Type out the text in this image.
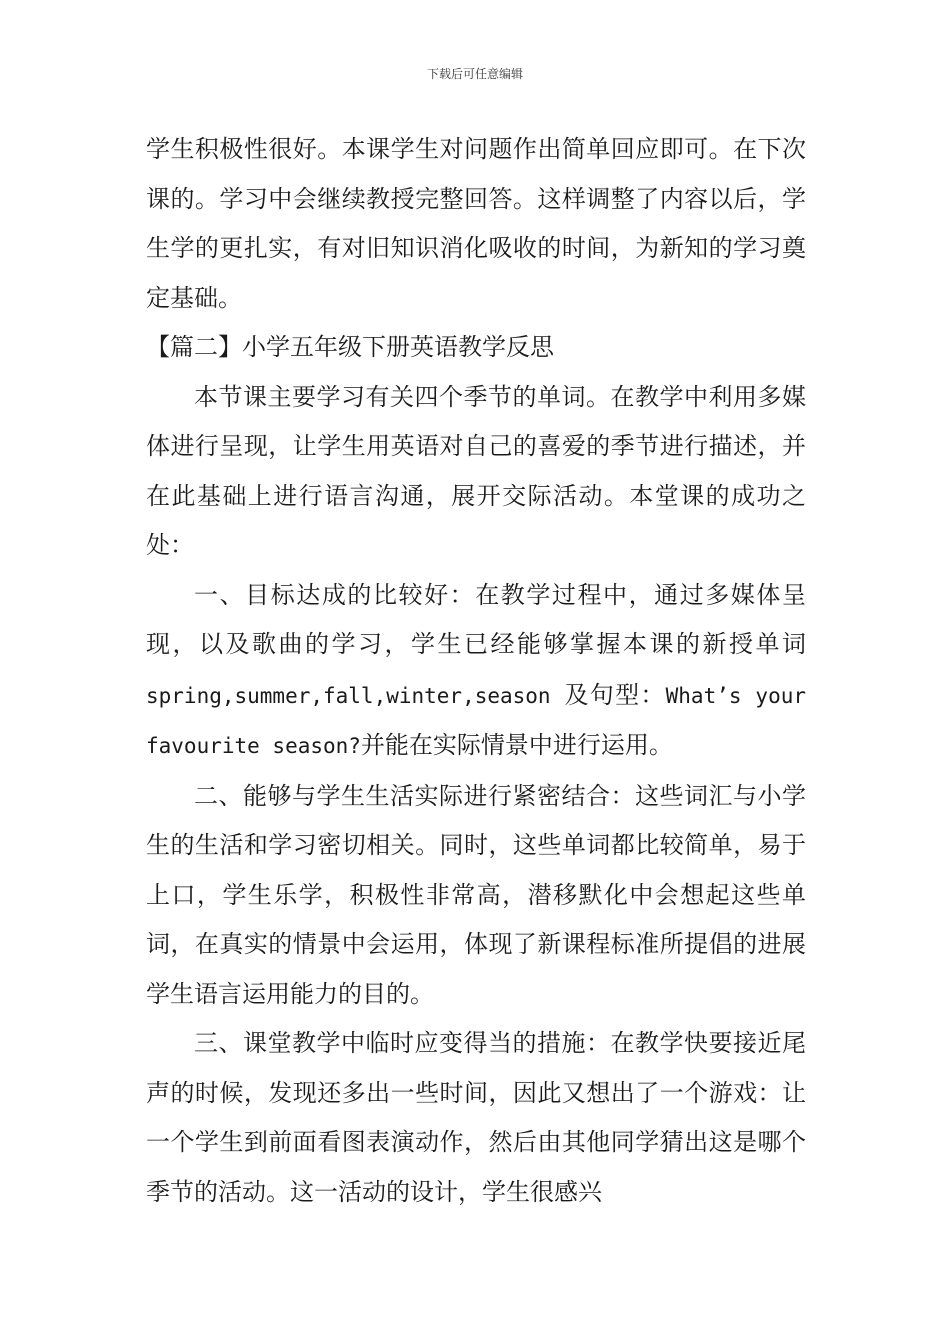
下载后可任意编辑

学生积极性很好。本课学生对问题作出简单回应即可。在下次课的。学习中会继续教授完整回答。这样调整了内容以后，学生学的更扎实，有对旧知识消化吸收的时间，为新知的学习奠定基础。

【篇二】小学五年级下册英语教学反思

本节课主要学习有关四个季节的单词。在教学中利用多媒体进行呈现，让学生用英语对自己的喜爱的季节进行描述，并在此基础上进行语言沟通，展开交际活动。本堂课的成功之处：

一、目标达成的比较好：在教学过程中，通过多媒体呈现，以及歌曲的学习，学生已经能够掌握本课的新授单词 spring,summer,fall,winter,season 及句型：What’s your favourite season?并能在实际情景中进行运用。

二、能够与学生生活实际进行紧密结合：这些词汇与小学生的生活和学习密切相关。同时，这些单词都比较简单，易于上口，学生乐学，积极性非常高，潜移默化中会想起这些单词，在真实的情景中会运用，体现了新课程标准所提倡的进展学生语言运用能力的目的。

三、课堂教学中临时应变得当的措施：在教学快要接近尾声的时候，发现还多出一些时间，因此又想出了一个游戏：让一个学生到前面看图表演动作，然后由其他同学猜出这是哪个季节的活动。这一活动的设计，学生很感兴
